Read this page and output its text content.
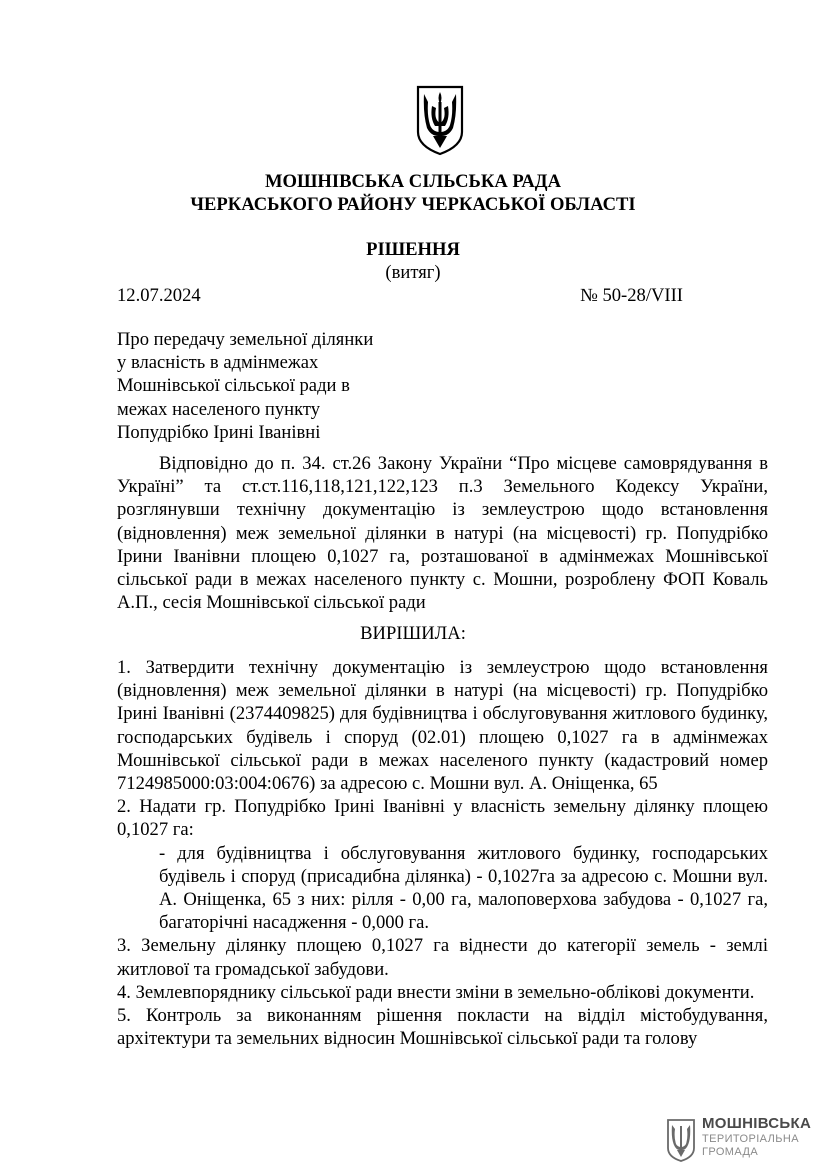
МОШНІВСЬКА СІЛЬСЬКА РАДА
ЧЕРКАСЬКОГО РАЙОНУ ЧЕРКАСЬКОЇ ОБЛАСТІ
РІШЕННЯ
(витяг)
12.07.2024	№ 50-28/VIII
Про передачу земельної ділянки
у власність в адмінмежах
Мошнівської сільської ради в
межах населеного пункту
Попудрібко Ірині Іванівні
Відповідно до п. 34. ст.26 Закону України “Про місцеве самоврядування в Україні” та ст.ст.116,118,121,122,123 п.3 Земельного Кодексу України, розглянувши технічну документацію із землеустрою щодо встановлення (відновлення) меж земельної ділянки в натурі (на місцевості) гр. Попудрібко Ірини Іванівни площею 0,1027 га, розташованої в адмінмежах Мошнівської сільської ради в межах населеного пункту с. Мошни, розроблену ФОП Коваль А.П., сесія Мошнівської сільської ради
ВИРІШИЛА:

1. Затвердити технічну документацію із землеустрою щодо встановлення (відновлення) меж земельної ділянки в натурі (на місцевості) гр. Попудрібко Ірині Іванівні (2374409825) для будівництва і обслуговування житлового будинку, господарських будівель і споруд (02.01) площею 0,1027 га в адмінмежах Мошнівської сільської ради в межах населеного пункту (кадастровий номер 7124985000:03:004:0676) за адресою с. Мошни вул. А. Оніщенка, 65

2. Надати гр. Попудрібко Ірині Іванівні у власність земельну ділянку площею 0,1027 га:

- для будівництва і обслуговування житлового будинку, господарських будівель і споруд (присадибна ділянка) - 0,1027га за адресою с. Мошни вул. А. Оніщенка, 65 з них: рілля - 0,00 га, малоповерхова забудова - 0,1027 га, багаторічні насадження - 0,000 га.

3. Земельну ділянку площею 0,1027 га віднести до категорії земель - землі житлової та громадської забудови.

4. Землевпоряднику сільської ради внести зміни в земельно-облікові документи.

5. Контроль за виконанням рішення покласти на відділ містобудування, архітектури та земельних відносин Мошнівської сільської ради та голову

МОШНІВСЬКА
ТЕРИТОРІАЛЬНА
ГРОМАДА
